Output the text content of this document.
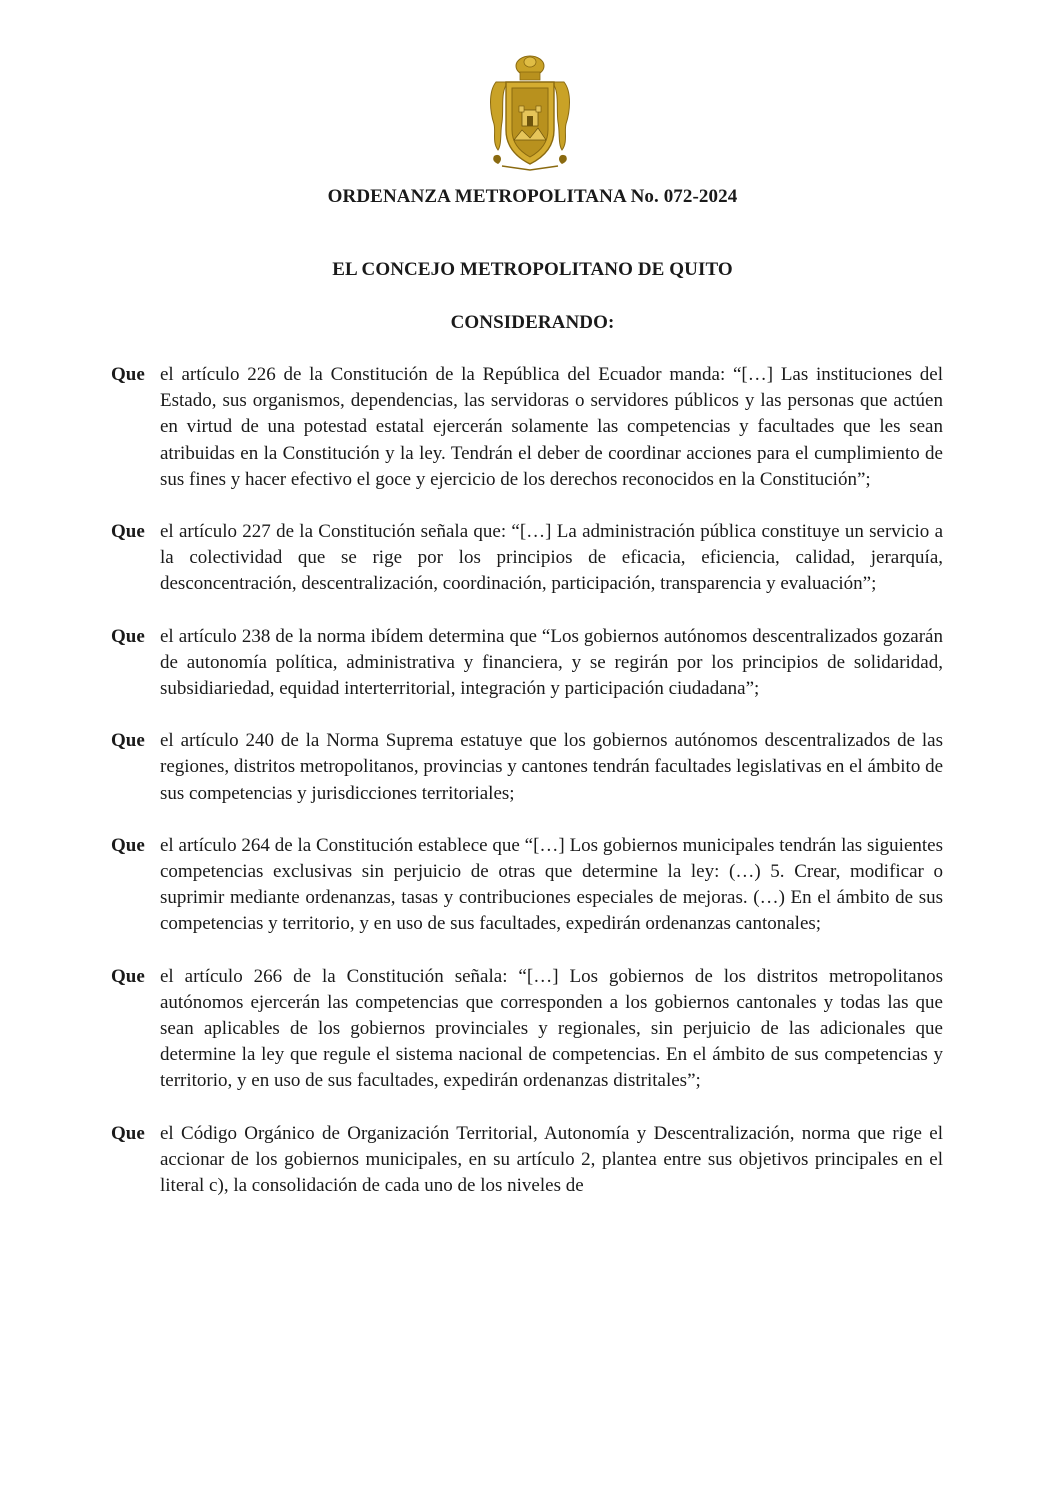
ORDENANZA METROPOLITANA No. 072-2024
EL CONCEJO METROPOLITANO DE QUITO
CONSIDERANDO:
Que el artículo 226 de la Constitución de la República del Ecuador manda: “[…] Las instituciones del Estado, sus organismos, dependencias, las servidoras o servidores públicos y las personas que actúen en virtud de una potestad estatal ejercerán solamente las competencias y facultades que les sean atribuidas en la Constitución y la ley. Tendrán el deber de coordinar acciones para el cumplimiento de sus fines y hacer efectivo el goce y ejercicio de los derechos reconocidos en la Constitución”;
Que el artículo 227 de la Constitución señala que: “[…] La administración pública constituye un servicio a la colectividad que se rige por los principios de eficacia, eficiencia, calidad, jerarquía, desconcentración, descentralización, coordinación, participación, transparencia y evaluación”;
Que el artículo 238 de la norma ibídem determina que “Los gobiernos autónomos descentralizados gozarán de autonomía política, administrativa y financiera, y se regirán por los principios de solidaridad, subsidiariedad, equidad interterritorial, integración y participación ciudadana”;
Que el artículo 240 de la Norma Suprema estatuye que los gobiernos autónomos descentralizados de las regiones, distritos metropolitanos, provincias y cantones tendrán facultades legislativas en el ámbito de sus competencias y jurisdicciones territoriales;
Que el artículo 264 de la Constitución establece que “[…] Los gobiernos municipales tendrán las siguientes competencias exclusivas sin perjuicio de otras que determine la ley: (…) 5. Crear, modificar o suprimir mediante ordenanzas, tasas y contribuciones especiales de mejoras. (…) En el ámbito de sus competencias y territorio, y en uso de sus facultades, expedirán ordenanzas cantonales;
Que el artículo 266 de la Constitución señala: “[…] Los gobiernos de los distritos metropolitanos autónomos ejercerán las competencias que corresponden a los gobiernos cantonales y todas las que sean aplicables de los gobiernos provinciales y regionales, sin perjuicio de las adicionales que determine la ley que regule el sistema nacional de competencias. En el ámbito de sus competencias y territorio, y en uso de sus facultades, expedirán ordenanzas distritales”;
Que el Código Orgánico de Organización Territorial, Autonomía y Descentralización, norma que rige el accionar de los gobiernos municipales, en su artículo 2, plantea entre sus objetivos principales en el literal c), la consolidación de cada uno de los niveles de
